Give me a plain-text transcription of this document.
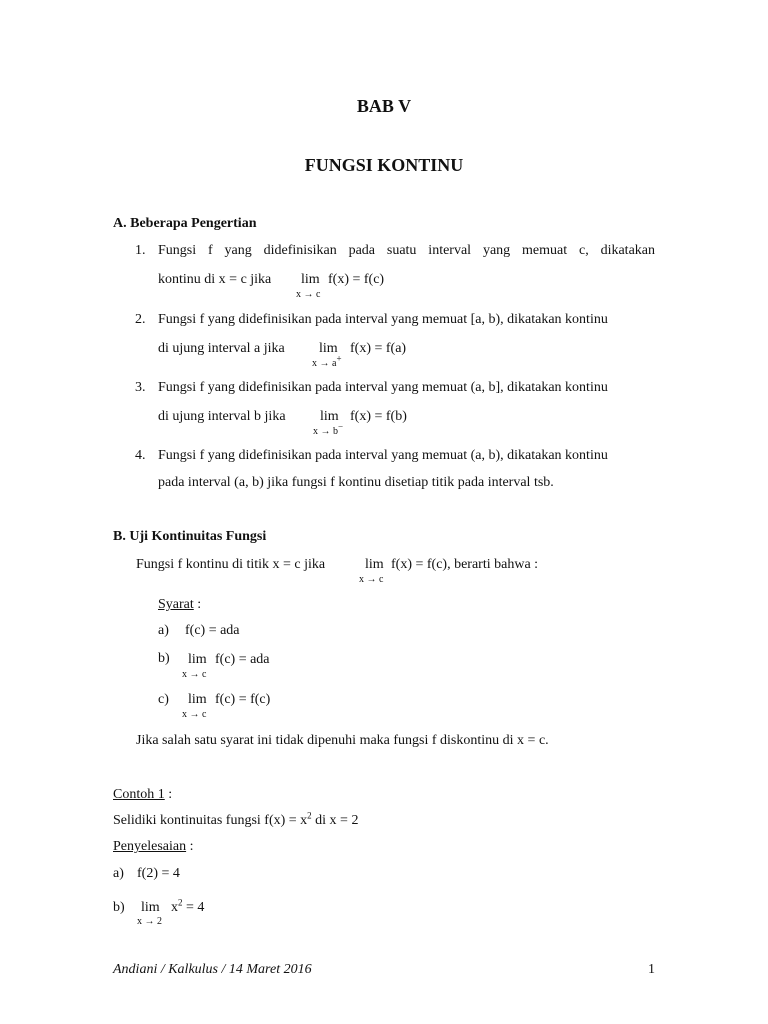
BAB V
FUNGSI KONTINU
A. Beberapa Pengertian
1. Fungsi f yang didefinisikan pada suatu interval yang memuat c, dikatakan
kontinu di x = c jika lim f(x) = f(c)
x → c
2. Fungsi f yang didefinisikan pada interval yang memuat [a, b), dikatakan kontinu
di ujung interval a jika lim f(x) = f(a)
x → a+
3. Fungsi f yang didefinisikan pada interval yang memuat (a, b], dikatakan kontinu
di ujung interval b jika lim f(x) = f(b)
x → b−
4. Fungsi f yang didefinisikan pada interval yang memuat (a, b), dikatakan kontinu
pada interval (a, b) jika fungsi f kontinu disetiap titik pada interval tsb.
B. Uji Kontinuitas Fungsi
Fungsi f kontinu di titik x = c jika	lim f(x) = f(c), berarti bahwa :
x → c
Syarat :
a) f(c) = ada
b) lim f(c) = ada
x → c
c) lim f(c) = f(c)
x → c
Jika salah satu syarat ini tidak dipenuhi maka fungsi f diskontinu di x = c.
Contoh 1 :
Selidiki kontinuitas fungsi $f(x) = x^2$ di x = 2
Penyelesaian :
a) f(2) = 4
b) $\lim x^2 = 4$
x → 2
Andiani / Kalkulus / 14 Maret 2016	1
